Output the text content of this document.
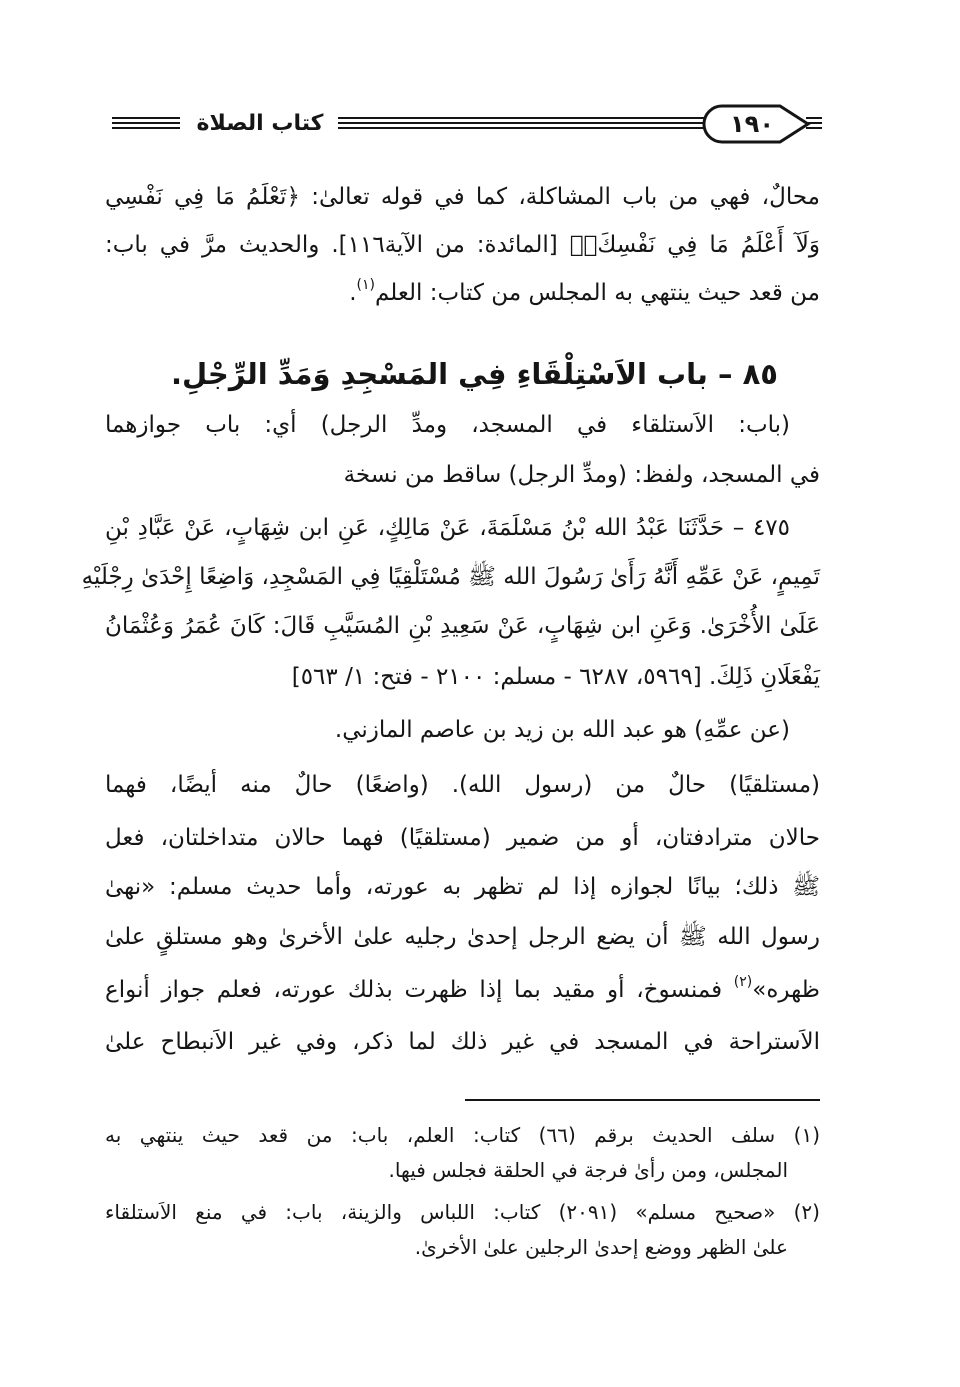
كتاب الصلاة	١٩٠
محالٌ، فهي من باب المشاكلة، كما في قوله تعالىٰ: ﴿تَعْلَمُ مَا فِي نَفْسِي
وَلَآ أَعْلَمُ مَا فِي نَفْسِكَۚ﴾ [المائدة: من الآية١١٦]. والحديث مرَّ في باب:
من قعد حيث ينتهي به المجلس من كتاب: العلم$^{(١)}$.
٨٥ – باب الاَسْتِلْقَاءِ فِي المَسْجِدِ وَمَدِّ الرِّجْلِ.
(باب: الاَستلقاء في المسجد، ومدِّ الرجل) أي: باب جوازهما
في المسجد، ولفظ: (ومدِّ الرجل) ساقط من نسخة
٤٧٥ – حَدَّثَنَا عَبْدُ الله بْنُ مَسْلَمَةَ، عَنْ مَالِكٍ، عَنِ ابن شِهَابٍ، عَنْ عَبَّادِ بْنِ
تَمِيمٍ، عَنْ عَمِّهِ أَنَّهُ رَأَىٰ رَسُولَ الله ﷺ مُسْتَلْقِيًا فِي المَسْجِدِ، وَاضِعًا إِحْدَىٰ رِجْلَيْهِ
عَلَىٰ الأُخْرَىٰ. وَعَنِ ابن شِهَابٍ، عَنْ سَعِيدِ بْنِ المُسَيَّبِ قَالَ: كَانَ عُمَرُ وَعُثْمَانُ
يَفْعَلَانِ ذَلِكَ. [٥٩٦٩، ٦٢٨٧ - مسلم: ٢١٠٠ - فتح: ١/ ٥٦٣]
(عن عمِّهِ) هو عبد الله بن زيد بن عاصم المازني.
(مستلقيًا) حالٌ من (رسول الله). (واضعًا) حالٌ منه أيضًا، فهما
حالان مترادفتان، أو من ضمير (مستلقيًا) فهما حالان متداخلتان، فعل
ﷺ ذلك؛ بيانًا لجوازه إذا لم تظهر به عورته، وأما حديث مسلم: «نهىٰ
رسول الله ﷺ أن يضع الرجل إحدىٰ رجليه علىٰ الأخرىٰ وهو مستلقٍ علىٰ
ظهره»$^{(٢)}$ فمنسوخ، أو مقيد بما إذا ظهرت بذلك عورته، فعلم جواز أنواع
الاَستراحة في المسجد في غير ذلك لما ذكر، وفي غير الاَنبطاح علىٰ
(١) سلف الحديث برقم (٦٦) كتاب: العلم، باب: من قعد حيث ينتهي به
المجلس، ومن رأىٰ فرجة في الحلقة فجلس فيها.
(٢) «صحيح مسلم» (٢٠٩١) كتاب: اللباس والزينة، باب: في منع الاَستلقاء
علىٰ الظهر ووضع إحدىٰ الرجلين علىٰ الأخرىٰ.
